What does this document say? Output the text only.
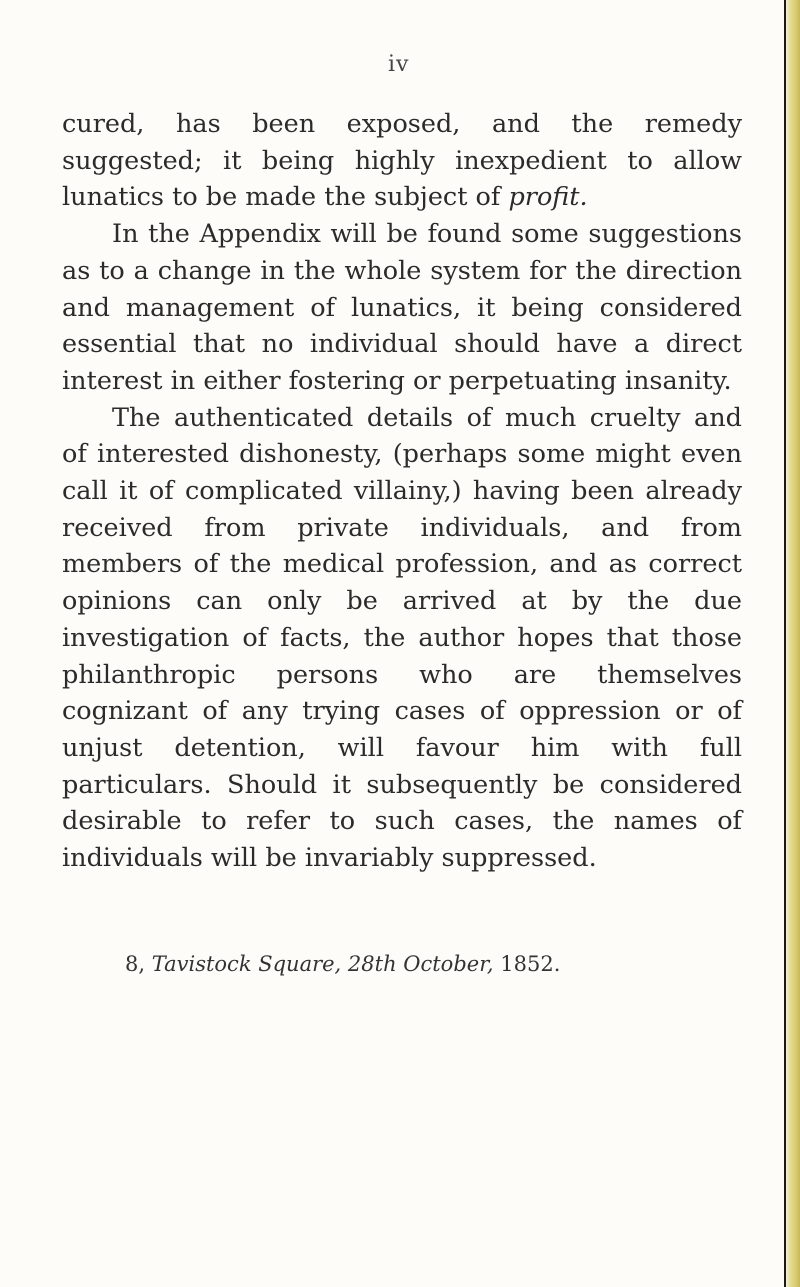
iv

cured, has been exposed, and the remedy suggested; it being highly inexpedient to allow lunatics to be made the subject of profit.

In the Appendix will be found some suggestions as to a change in the whole system for the direction and management of lunatics, it being considered essential that no individual should have a direct interest in either fostering or perpetuating insanity.

The authenticated details of much cruelty and of interested dishonesty, (perhaps some might even call it of complicated villainy,) having been already received from private individuals, and from members of the medical profession, and as correct opinions can only be arrived at by the due investigation of facts, the author hopes that those philanthropic persons who are themselves cognizant of any trying cases of oppression or of unjust detention, will favour him with full particulars. Should it subsequently be considered desirable to refer to such cases, the names of individuals will be invariably suppressed.

8, Tavistock Square, 28th October, 1852.
